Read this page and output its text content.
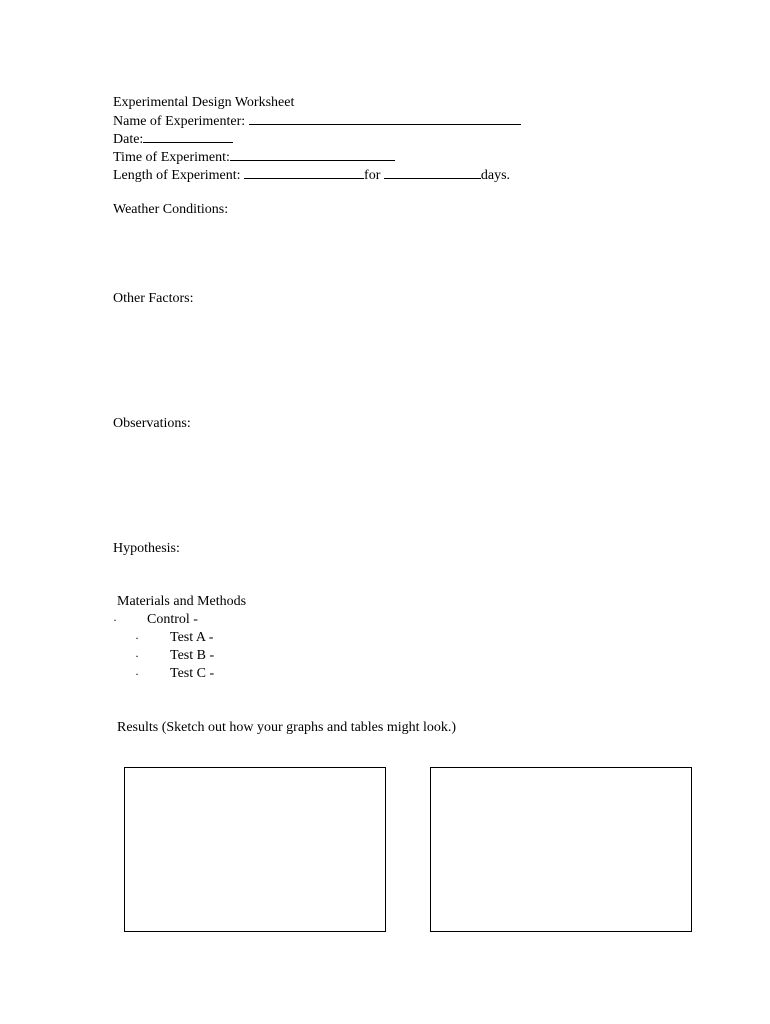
Experimental Design Worksheet
Name of Experimenter:
Date:
Time of Experiment:
Length of Experiment:	for	days.
Weather Conditions:
Other Factors:
Observations:
Hypothesis:
Materials and Methods
· Control -
· Test A -
· Test B -
· Test C -
Results (Sketch out how your graphs and tables might look.)
